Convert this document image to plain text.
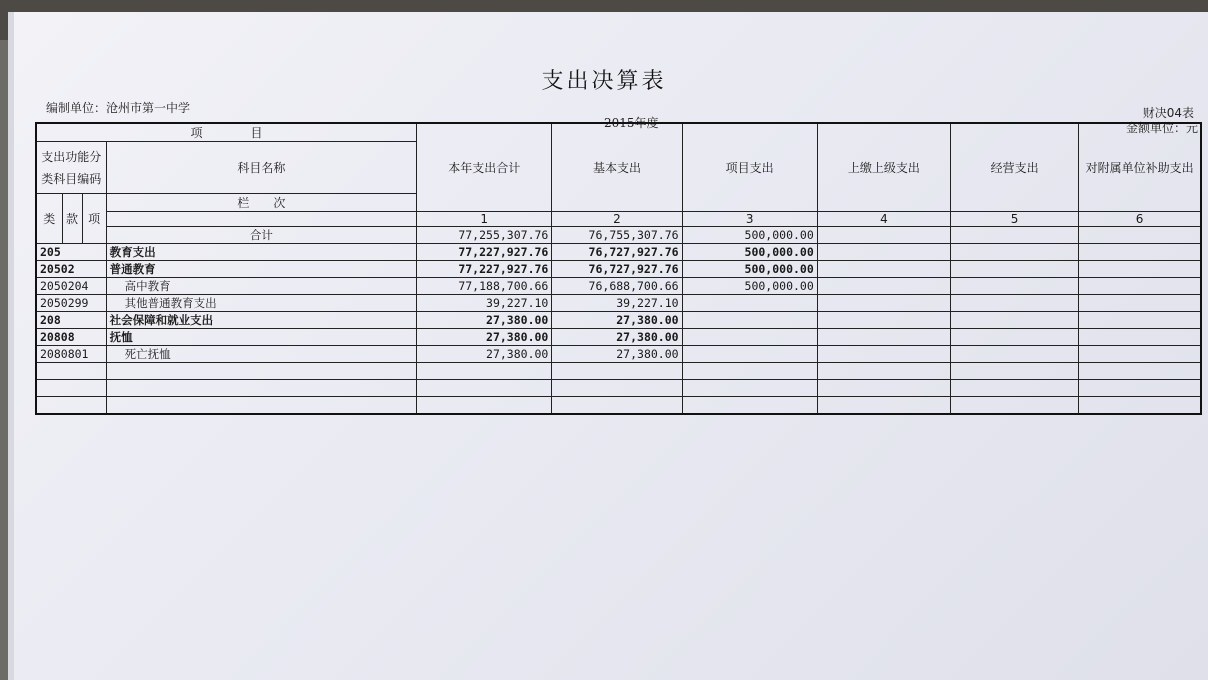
支出决算表
编制单位：沧州市第一中学
2015年度
财决04表
金额单位：元
项　　　　目				本年支出合计	基本支出	项目支出	上缴上级支出	经营支出	对附属单位补助支出
支出功能分类科目编码			科目名称						
类	款	项	栏　　次						
				1	2	3	4	5	6
			合计	77,255,307.76	76,755,307.76	500,000.00			
205			教育支出	77,227,927.76	76,727,927.76	500,000.00			
20502			普通教育	77,227,927.76	76,727,927.76	500,000.00			
2050204			高中教育	77,188,700.66	76,688,700.66	500,000.00			
2050299			其他普通教育支出	39,227.10	39,227.10				
208			社会保障和就业支出	27,380.00	27,380.00				
20808			抚恤	27,380.00	27,380.00				
2080801			死亡抚恤	27,380.00	27,380.00				
